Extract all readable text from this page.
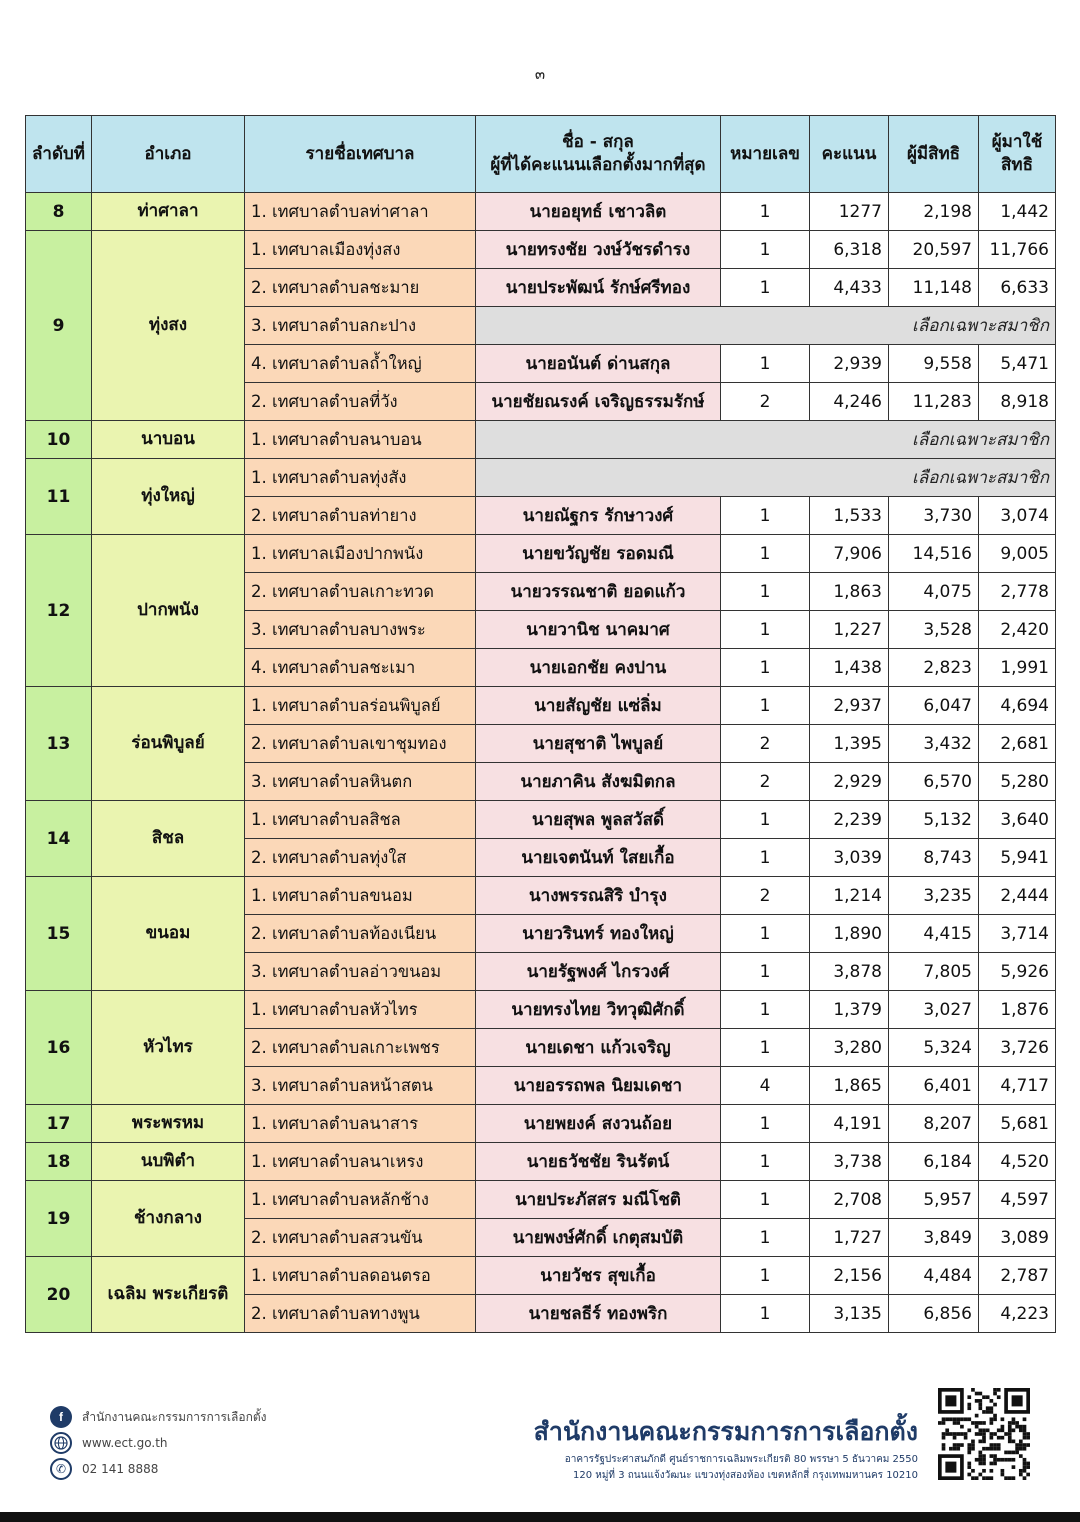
๓
ลำดับที่	อำเภอ	รายชื่อเทศบาล	ชื่อ - สกุล
ผู้ที่ได้คะแนนเลือกตั้งมากที่สุด	หมายเลข	คะแนน	ผู้มีสิทธิ	ผู้มาใช้สิทธิ
8	ท่าศาลา	1. เทศบาลตำบลท่าศาลา	นายอยุทธ์ เชาวลิต	1	1277	2,198	1,442
9	ทุ่งสง	1. เทศบาลเมืองทุ่งสง	นายทรงชัย วงษ์วัชรดำรง	1	6,318	20,597	11,766
		2. เทศบาลตำบลชะมาย	นายประพัฒน์ รักษ์ศรีทอง	1	4,433	11,148	6,633
		3. เทศบาลตำบลกะปาง	เลือกเฉพาะสมาชิก				
		4. เทศบาลตำบลถ้ำใหญ่	นายอนันต์ ด่านสกุล	1	2,939	9,558	5,471
		2. เทศบาลตำบลที่วัง	นายชัยณรงค์ เจริญธรรมรักษ์	2	4,246	11,283	8,918
10	นาบอน	1. เทศบาลตำบลนาบอน	เลือกเฉพาะสมาชิก				
11	ทุ่งใหญ่	1. เทศบาลตำบลทุ่งสัง	เลือกเฉพาะสมาชิก				
		2. เทศบาลตำบลท่ายาง	นายณัฐกร รักษาวงศ์	1	1,533	3,730	3,074
12	ปากพนัง	1. เทศบาลเมืองปากพนัง	นายขวัญชัย รอดมณี	1	7,906	14,516	9,005
		2. เทศบาลตำบลเกาะทวด	นายวรรณชาติ ยอดแก้ว	1	1,863	4,075	2,778
		3. เทศบาลตำบลบางพระ	นายวานิช นาคมาศ	1	1,227	3,528	2,420
		4. เทศบาลตำบลชะเมา	นายเอกชัย คงปาน	1	1,438	2,823	1,991
13	ร่อนพิบูลย์	1. เทศบาลตำบลร่อนพิบูลย์	นายสัญชัย แซ่ลิ่ม	1	2,937	6,047	4,694
		2. เทศบาลตำบลเขาชุมทอง	นายสุชาติ ไพบูลย์	2	1,395	3,432	2,681
		3. เทศบาลตำบลหินตก	นายภาคิน สังฆมิตกล	2	2,929	6,570	5,280
14	สิชล	1. เทศบาลตำบลสิชล	นายสุพล พูลสวัสดิ์	1	2,239	5,132	3,640
		2. เทศบาลตำบลทุ่งใส	นายเจตนันท์ ใสยเกื้อ	1	3,039	8,743	5,941
15	ขนอม	1. เทศบาลตำบลขนอม	นางพรรณสิริ บำรุง	2	1,214	3,235	2,444
		2. เทศบาลตำบลท้องเนียน	นายวรินทร์ ทองใหญ่	1	1,890	4,415	3,714
		3. เทศบาลตำบลอ่าวขนอม	นายรัฐพงศ์ ไกรวงศ์	1	3,878	7,805	5,926
16	หัวไทร	1. เทศบาลตำบลหัวไทร	นายทรงไทย วิทวุฒิศักดิ์	1	1,379	3,027	1,876
		2. เทศบาลตำบลเกาะเพชร	นายเดชา แก้วเจริญ	1	3,280	5,324	3,726
		3. เทศบาลตำบลหน้าสตน	นายอรรถพล นิยมเดชา	4	1,865	6,401	4,717
17	พระพรหม	1. เทศบาลตำบลนาสาร	นายพยงค์ สงวนถ้อย	1	4,191	8,207	5,681
18	นบพิตำ	1. เทศบาลตำบลนาเหรง	นายธวัชชัย รินรัตน์	1	3,738	6,184	4,520
19	ช้างกลาง	1. เทศบาลตำบลหลักช้าง	นายประภัสสร มณีโชติ	1	2,708	5,957	4,597
		2. เทศบาลตำบลสวนขัน	นายพงษ์ศักดิ์ เกตุสมบัติ	1	1,727	3,849	3,089
20	เฉลิม พระเกียรติ	1. เทศบาลตำบลดอนตรอ	นายวัชร สุขเกื้อ	1	2,156	4,484	2,787
		2. เทศบาลตำบลทางพูน	นายชลธีร์ ทองพริก	1	3,135	6,856	4,223
f	สำนักงานคณะกรรมการการเลือกตั้ง
www.ect.go.th
✆	02 141 8888
สำนักงานคณะกรรมการการเลือกตั้ง
อาคารรัฐประศาสนภักดี ศูนย์ราชการเฉลิมพระเกียรติ 80 พรรษา 5 ธันวาคม 2550
120 หมู่ที่ 3 ถนนแจ้งวัฒนะ แขวงทุ่งสองห้อง เขตหลักสี่ กรุงเทพมหานคร 10210
